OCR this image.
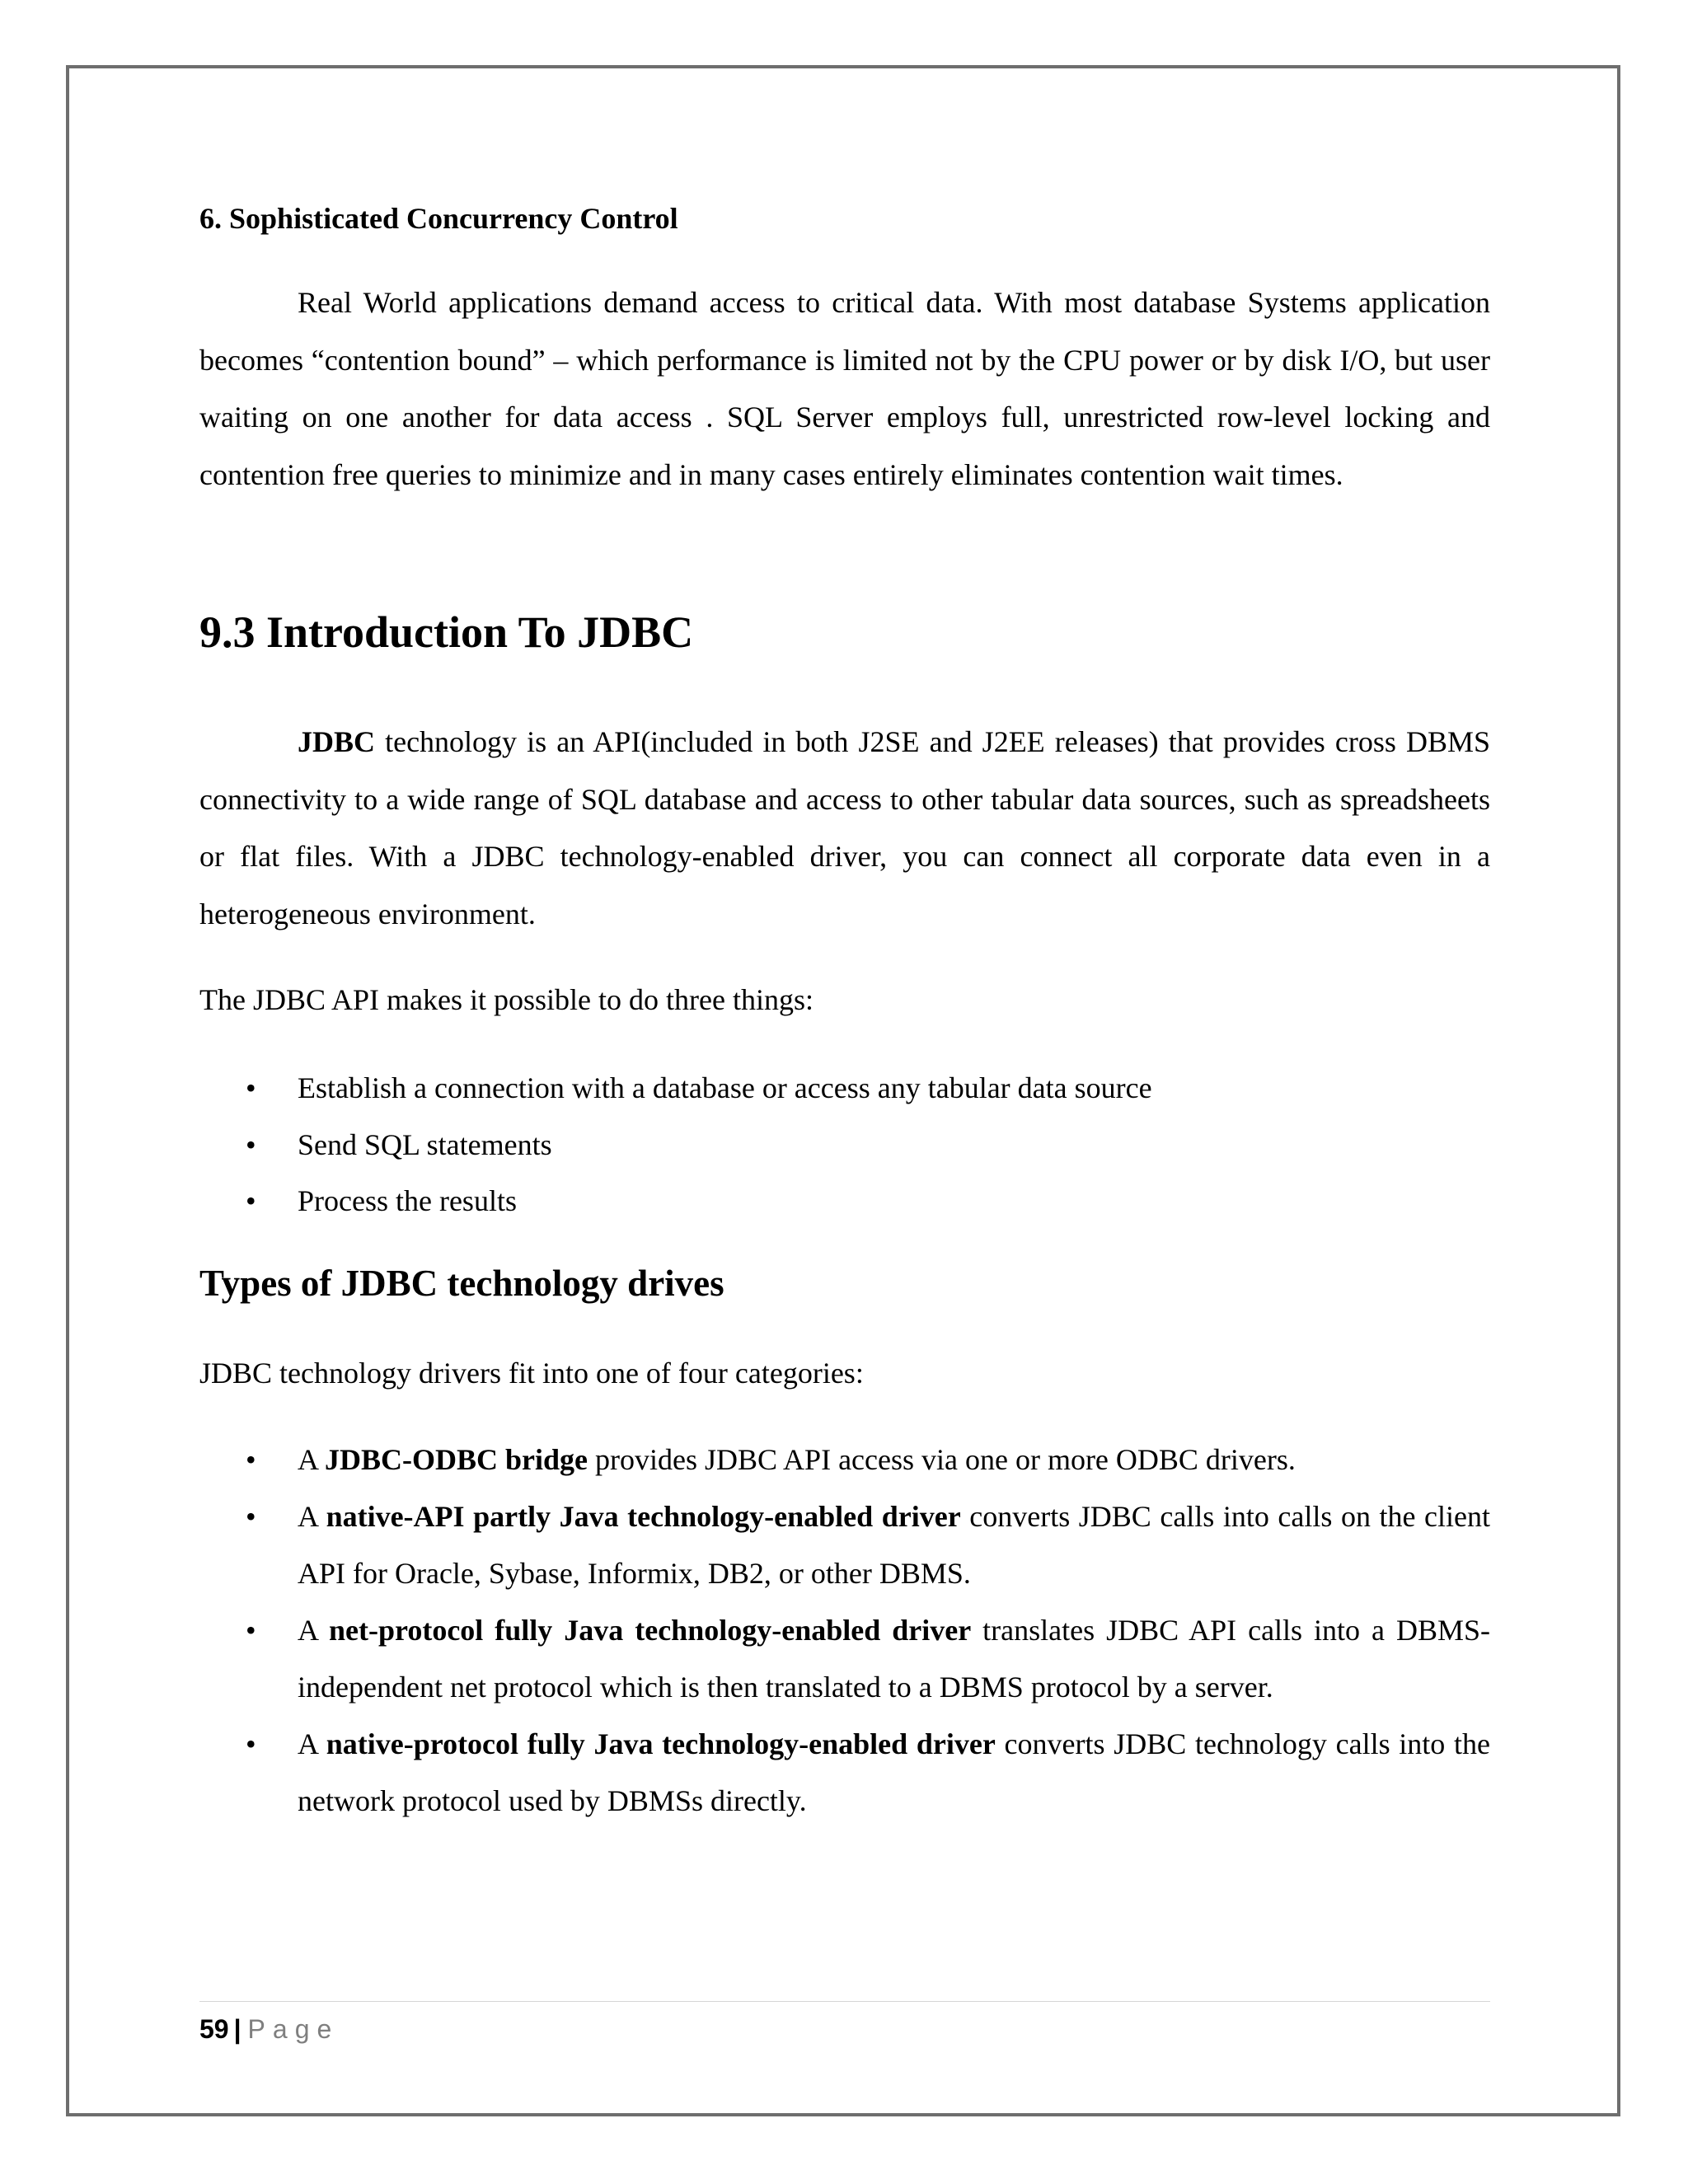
6. Sophisticated Concurrency Control
Real World applications demand access to critical data. With most database Systems application becomes “contention bound” – which performance is limited not by the CPU power or by disk I/O, but user waiting on one another for data access . SQL Server employs full, unrestricted row-level locking and contention free queries to minimize and in many cases entirely eliminates contention wait times.
9.3 Introduction To JDBC
JDBC technology is an API(included in both J2SE and J2EE releases) that provides cross DBMS connectivity to a wide range of SQL database and access to other tabular data sources, such as spreadsheets or flat files. With a JDBC technology-enabled driver, you can connect all corporate data even in a heterogeneous environment.
The JDBC API makes it possible to do three things:
• Establish a connection with a database or access any tabular data source
• Send SQL statements
• Process the results
Types of JDBC technology drives
JDBC technology drivers fit into one of four categories:
• A JDBC-ODBC bridge provides JDBC API access via one or more ODBC drivers.
• A native-API partly Java technology-enabled driver converts JDBC calls into calls on the client API for Oracle, Sybase, Informix, DB2, or other DBMS.
• A net-protocol fully Java technology-enabled driver translates JDBC API calls into a DBMS-independent net protocol which is then translated to a DBMS protocol by a server.
• A native-protocol fully Java technology-enabled driver converts JDBC technology calls into the network protocol used by DBMSs directly.
59 | Page
